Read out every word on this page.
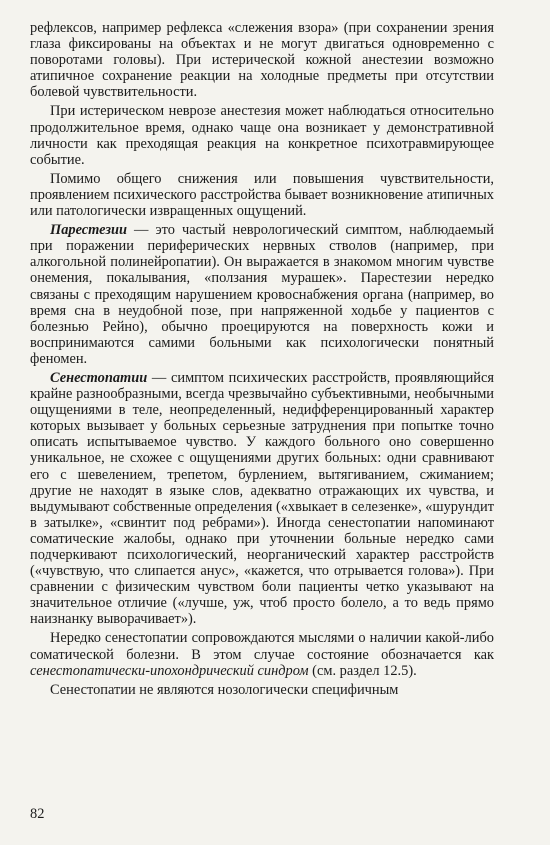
рефлексов, например рефлекса «слежения взора» (при сохранении зрения глаза фиксированы на объектах и не могут двигаться одновременно с поворотами головы). При истерической кожной анестезии возможно атипичное сохранение реакции на холодные предметы при отсутствии болевой чувствительности.

При истерическом неврозе анестезия может наблюдаться относительно продолжительное время, однако чаще она возникает у демонстративной личности как преходящая реакция на конкретное психотравмирующее событие.

Помимо общего снижения или повышения чувствительности, проявлением психического расстройства бывает возникновение атипичных или патологически извращенных ощущений.

Парестезии — это частый неврологический симптом, наблюдаемый при поражении периферических нервных стволов (например, при алкогольной полинейропатии). Он выражается в знакомом многим чувстве онемения, покалывания, «ползания мурашек». Парестезии нередко связаны с преходящим нарушением кровоснабжения органа (например, во время сна в неудобной позе, при напряженной ходьбе у пациентов с болезнью Рейно), обычно проецируются на поверхность кожи и воспринимаются самими больными как психологически понятный феномен.

Сенестопатии — симптом психических расстройств, проявляющийся крайне разнообразными, всегда чрезвычайно субъективными, необычными ощущениями в теле, неопределенный, недифференцированный характер которых вызывает у больных серьезные затруднения при попытке точно описать испытываемое чувство. У каждого больного оно совершенно уникальное, не схожее с ощущениями других больных: одни сравнивают его с шевелением, трепетом, бурлением, вытягиванием, сжиманием; другие не находят в языке слов, адекватно отражающих их чувства, и выдумывают собственные определения («хвыкает в селезенке», «шурундит в затылке», «свинтит под ребрами»). Иногда сенестопатии напоминают соматические жалобы, однако при уточнении больные нередко сами подчеркивают психологический, неорганический характер расстройств («чувствую, что слипается анус», «кажется, что отрывается голова»). При сравнении с физическим чувством боли пациенты четко указывают на значительное отличие («лучше, уж, чтоб просто болело, а то ведь прямо наизнанку выворачивает»).

Нередко сенестопатии сопровождаются мыслями о наличии какой-либо соматической болезни. В этом случае состояние обозначается как сенестопатически-ипохондрический синдром (см. раздел 12.5).

Сенестопатии не являются нозологически специфичным

82
